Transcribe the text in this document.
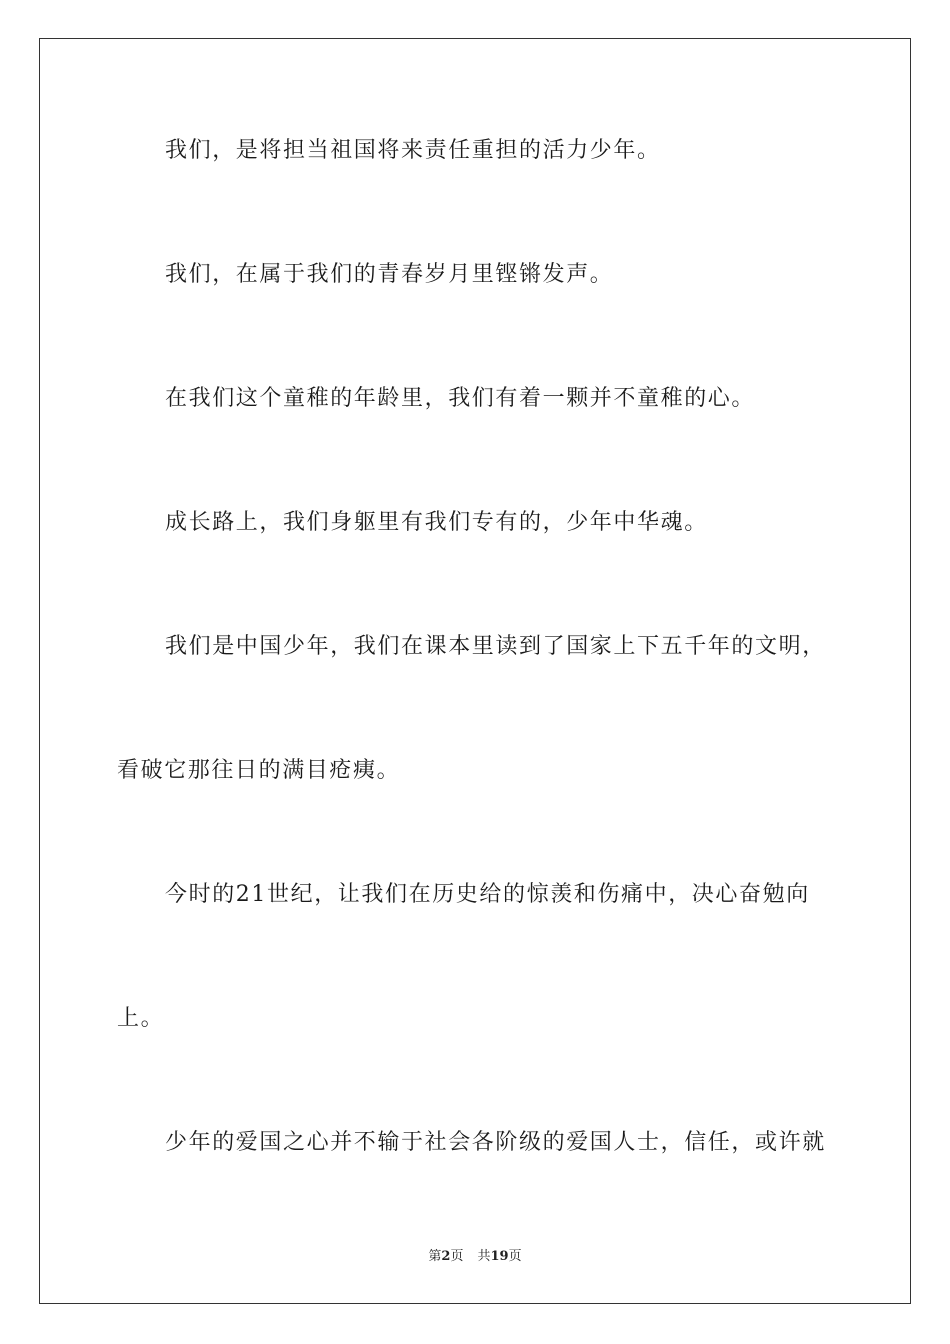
我们，是将担当祖国将来责任重担的活力少年。
我们，在属于我们的青春岁月里铿锵发声。
在我们这个童稚的年龄里，我们有着一颗并不童稚的心。
成长路上，我们身躯里有我们专有的，少年中华魂。
我们是中国少年，我们在课本里读到了国家上下五千年的文明，
看破它那往日的满目疮痍。
今时的21世纪，让我们在历史给的惊羡和伤痛中，决心奋勉向
上。
少年的爱国之心并不输于社会各阶级的爱国人士，信任，或许就
第2页 共19页
